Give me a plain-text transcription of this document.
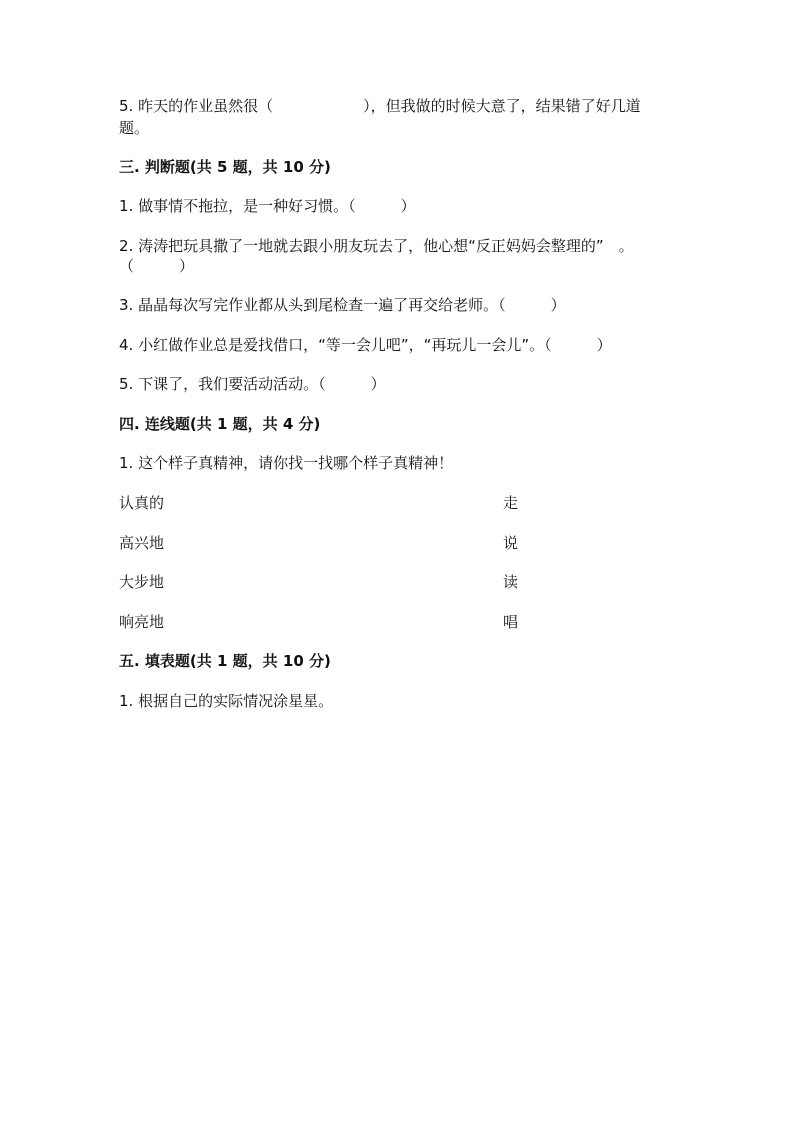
5. 昨天的作业虽然很（　　　　　　），但我做的时候大意了，结果错了好几道
题。
三. 判断题(共 5 题，共 10 分)
1. 做事情不拖拉，是一种好习惯。（　　　）
2. 涛涛把玩具撒了一地就去跟小朋友玩去了，他心想“反正妈妈会整理的”　。
（　　　）
3. 晶晶每次写完作业都从头到尾检查一遍了再交给老师。（　　　）
4. 小红做作业总是爱找借口，“等一会儿吧”，“再玩儿一会儿”。（　　　）
5. 下课了，我们要活动活动。（　　　）
四. 连线题(共 1 题，共 4 分)
1. 这个样子真精神，请你找一找哪个样子真精神！
认真的	走
高兴地	说
大步地	读
响亮地	唱
五. 填表题(共 1 题，共 10 分)
1. 根据自己的实际情况涂星星。
